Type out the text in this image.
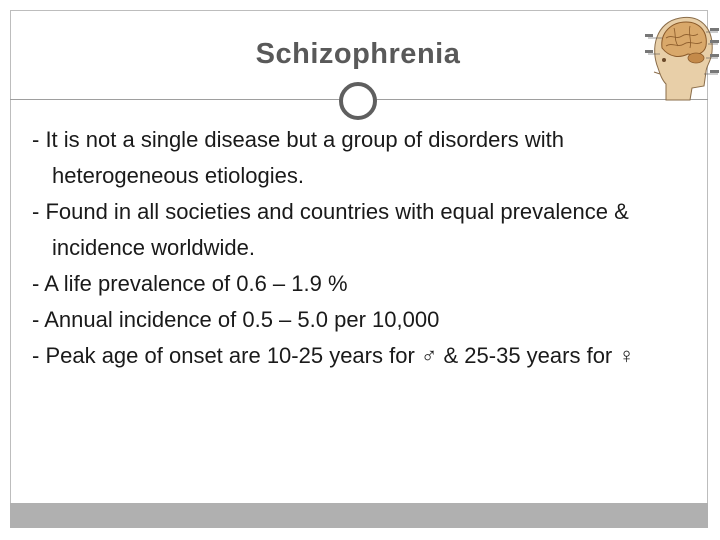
Schizophrenia
- It is not a single disease but a group of disorders with heterogeneous etiologies.
- Found in all societies and countries with equal prevalence & incidence worldwide.
- A life prevalence of 0.6 – 1.9 %
- Annual incidence of 0.5 – 5.0 per 10,000
- Peak age of onset are 10-25 years for ♂ & 25-35 years for ♀
